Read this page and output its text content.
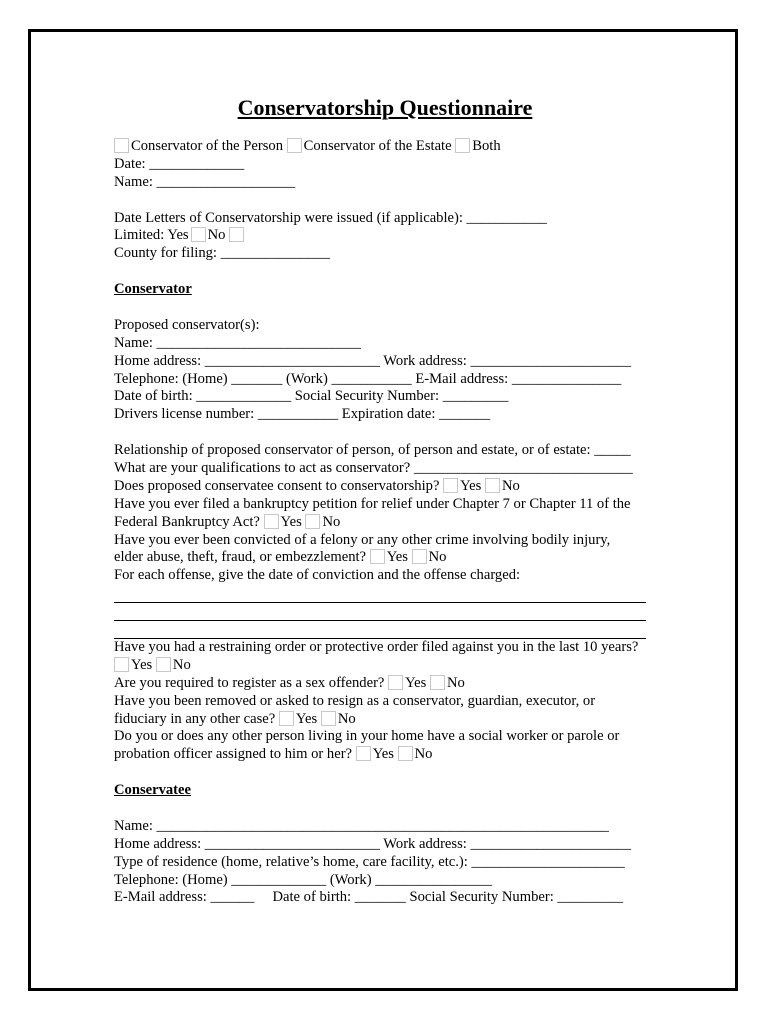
Conservatorship Questionnaire
Conservator of the Person Conservator of the Estate Both
Date: _____________
Name: ___________________
Date Letters of Conservatorship were issued (if applicable): ___________
Limited: Yes No
County for filing: _______________
Conservator
Proposed conservator(s):
Name: ____________________________
Home address: ________________________ Work address: ______________________
Telephone: (Home) _______ (Work) ___________ E-Mail address: _______________
Date of birth: _____________ Social Security Number: _________
Drivers license number: ___________ Expiration date: _______
Relationship of proposed conservator of person, of person and estate, or of estate: _____
What are your qualifications to act as conservator? ______________________________
Does proposed conservatee consent to conservatorship? Yes No
Have you ever filed a bankruptcy petition for relief under Chapter 7 or Chapter 11 of the
Federal Bankruptcy Act? Yes No
Have you ever been convicted of a felony or any other crime involving bodily injury,
elder abuse, theft, fraud, or embezzlement? Yes No
For each offense, give the date of conviction and the offense charged:
Have you had a restraining order or protective order filed against you in the last 10 years?
Yes No
Are you required to register as a sex offender? Yes No
Have you been removed or asked to resign as a conservator, guardian, executor, or
fiduciary in any other case? Yes No
Do you or does any other person living in your home have a social worker or parole or
probation officer assigned to him or her? Yes No
Conservatee
Name: ______________________________________________________________
Home address: ________________________ Work address: ______________________
Type of residence (home, relative’s home, care facility, etc.): _____________________
Telephone: (Home) _____________ (Work) ________________
E-Mail address: ______     Date of birth: _______ Social Security Number: _________
